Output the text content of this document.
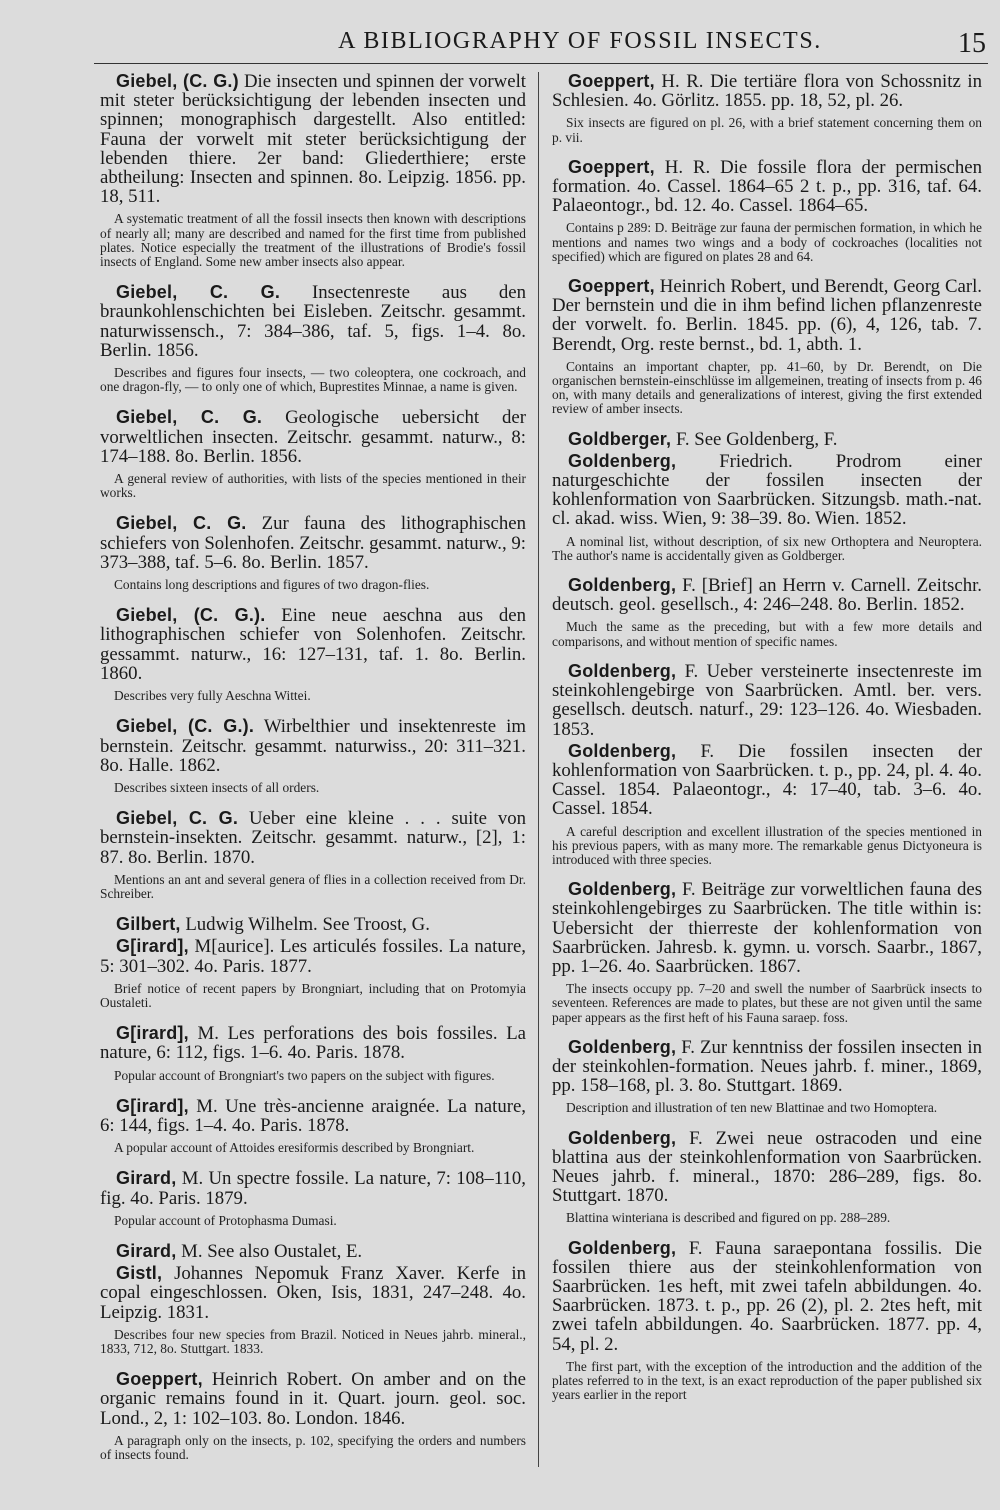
A BIBLIOGRAPHY OF FOSSIL INSECTS.	15

Giebel, (C. G.) Die insecten und spinnen der vorwelt mit steter berücksichtigung der lebenden insecten und spinnen; monographisch dargestellt. Also entitled: Fauna der vorwelt mit steter berücksichtigung der lebenden thiere. 2er band: Gliederthiere; erste abtheilung: Insecten and spinnen. 8o. Leipzig. 1856. pp. 18, 511.

A systematic treatment of all the fossil insects then known with descriptions of nearly all; many are described and named for the first time from published plates. Notice especially the treatment of the illustrations of Brodie's fossil insects of England. Some new amber insects also appear.

Giebel, C. G. Insectenreste aus den braunkohlenschichten bei Eisleben. Zeitschr. gesammt. naturwissensch., 7: 384–386, taf. 5, figs. 1–4. 8o. Berlin. 1856.

Describes and figures four insects, — two coleoptera, one cockroach, and one dragon-fly, — to only one of which, Buprestites Minnae, a name is given.

Giebel, C. G. Geologische uebersicht der vorweltlichen insecten. Zeitschr. gesammt. naturw., 8: 174–188. 8o. Berlin. 1856.

A general review of authorities, with lists of the species mentioned in their works.

Giebel, C. G. Zur fauna des lithographischen schiefers von Solenhofen. Zeitschr. gesammt. naturw., 9: 373–388, taf. 5–6. 8o. Berlin. 1857.

Contains long descriptions and figures of two dragon-flies.

Giebel, (C. G.). Eine neue aeschna aus den lithographischen schiefer von Solenhofen. Zeitschr. gessammt. naturw., 16: 127–131, taf. 1. 8o. Berlin. 1860.

Describes very fully Aeschna Wittei.

Giebel, (C. G.). Wirbelthier und insektenreste im bernstein. Zeitschr. gesammt. naturwiss., 20: 311–321. 8o. Halle. 1862.

Describes sixteen insects of all orders.

Giebel, C. G. Ueber eine kleine . . . suite von bernstein-insekten. Zeitschr. gesammt. naturw., [2], 1: 87. 8o. Berlin. 1870.

Mentions an ant and several genera of flies in a collection received from Dr. Schreiber.

Gilbert, Ludwig Wilhelm. See Troost, G.

G[irard], M[aurice]. Les articulés fossiles. La nature, 5: 301–302. 4o. Paris. 1877.

Brief notice of recent papers by Brongniart, including that on Protomyia Oustaleti.

G[irard], M. Les perforations des bois fossiles. La nature, 6: 112, figs. 1–6. 4o. Paris. 1878.

Popular account of Brongniart's two papers on the subject with figures.

G[irard], M. Une très-ancienne araignée. La nature, 6: 144, figs. 1–4. 4o. Paris. 1878.

A popular account of Attoides eresiformis described by Brongniart.

Girard, M. Un spectre fossile. La nature, 7: 108–110, fig. 4o. Paris. 1879.

Popular account of Protophasma Dumasi.

Girard, M. See also Oustalet, E.

Gistl, Johannes Nepomuk Franz Xaver. Kerfe in copal eingeschlossen. Oken, Isis, 1831, 247–248. 4o. Leipzig. 1831.

Describes four new species from Brazil. Noticed in Neues jahrb. mineral., 1833, 712, 8o. Stuttgart. 1833.

Goeppert, Heinrich Robert. On amber and on the organic remains found in it. Quart. journ. geol. soc. Lond., 2, 1: 102–103. 8o. London. 1846.

A paragraph only on the insects, p. 102, specifying the orders and numbers of insects found.

Goeppert, H. R. Die tertiäre flora von Schossnitz in Schlesien. 4o. Görlitz. 1855. pp. 18, 52, pl. 26.

Six insects are figured on pl. 26, with a brief statement concerning them on p. vii.

Goeppert, H. R. Die fossile flora der permischen formation. 4o. Cassel. 1864–65 2 t. p., pp. 316, taf. 64. Palaeontogr., bd. 12. 4o. Cassel. 1864–65.

Contains p 289: D. Beiträge zur fauna der permischen formation, in which he mentions and names two wings and a body of cockroaches (localities not specified) which are figured on plates 28 and 64.

Goeppert, Heinrich Robert, und Berendt, Georg Carl. Der bernstein und die in ihm befind lichen pflanzenreste der vorwelt. fo. Berlin. 1845. pp. (6), 4, 126, tab. 7. Berendt, Org. reste bernst., bd. 1, abth. 1.

Contains an important chapter, pp. 41–60, by Dr. Berendt, on Die organischen bernstein-einschlüsse im allgemeinen, treating of insects from p. 46 on, with many details and generalizations of interest, giving the first extended review of amber insects.

Goldberger, F. See Goldenberg, F.

Goldenberg, Friedrich. Prodrom einer naturgeschichte der fossilen insecten der kohlenformation von Saarbrücken. Sitzungsb. math.-nat. cl. akad. wiss. Wien, 9: 38–39. 8o. Wien. 1852.

A nominal list, without description, of six new Orthoptera and Neuroptera. The author's name is accidentally given as Goldberger.

Goldenberg, F. [Brief] an Herrn v. Carnell. Zeitschr. deutsch. geol. gesellsch., 4: 246–248. 8o. Berlin. 1852.

Much the same as the preceding, but with a few more details and comparisons, and without mention of specific names.

Goldenberg, F. Ueber versteinerte insectenreste im steinkohlengebirge von Saarbrücken. Amtl. ber. vers. gesellsch. deutsch. naturf., 29: 123–126. 4o. Wiesbaden. 1853.

Goldenberg, F. Die fossilen insecten der kohlenformation von Saarbrücken. t. p., pp. 24, pl. 4. 4o. Cassel. 1854. Palaeontogr., 4: 17–40, tab. 3–6. 4o. Cassel. 1854.

A careful description and excellent illustration of the species mentioned in his previous papers, with as many more. The remarkable genus Dictyoneura is introduced with three species.

Goldenberg, F. Beiträge zur vorweltlichen fauna des steinkohlengebirges zu Saarbrücken. The title within is: Uebersicht der thierreste der kohlenformation von Saarbrücken. Jahresb. k. gymn. u. vorsch. Saarbr., 1867, pp. 1–26. 4o. Saarbrücken. 1867.

The insects occupy pp. 7–20 and swell the number of Saarbrück insects to seventeen. References are made to plates, but these are not given until the same paper appears as the first heft of his Fauna saraep. foss.

Goldenberg, F. Zur kenntniss der fossilen insecten in der steinkohlen-formation. Neues jahrb. f. miner., 1869, pp. 158–168, pl. 3. 8o. Stuttgart. 1869.

Description and illustration of ten new Blattinae and two Homoptera.

Goldenberg, F. Zwei neue ostracoden und eine blattina aus der steinkohlenformation von Saarbrücken. Neues jahrb. f. mineral., 1870: 286–289, figs. 8o. Stuttgart. 1870.

Blattina winteriana is described and figured on pp. 288–289.

Goldenberg, F. Fauna saraepontana fossilis. Die fossilen thiere aus der steinkohlenformation von Saarbrücken. 1es heft, mit zwei tafeln abbildungen. 4o. Saarbrücken. 1873. t. p., pp. 26 (2), pl. 2. 2tes heft, mit zwei tafeln abbildungen. 4o. Saarbrücken. 1877. pp. 4, 54, pl. 2.

The first part, with the exception of the introduction and the addition of the plates referred to in the text, is an exact reproduction of the paper published six years earlier in the report
